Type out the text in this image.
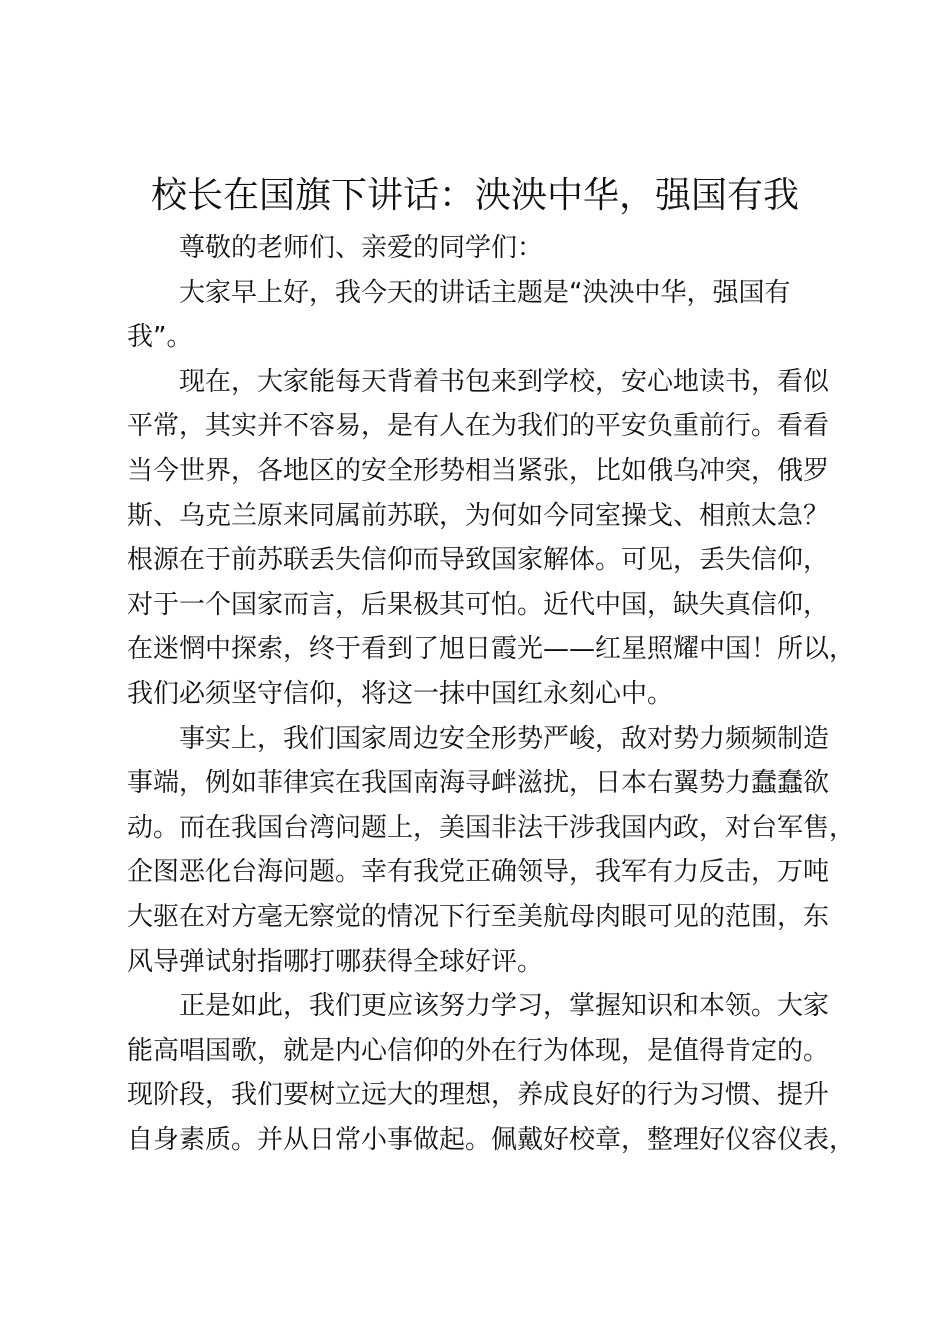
校长在国旗下讲话：泱泱中华，强国有我
尊敬的老师们、亲爱的同学们：
大家早上好，我今天的讲话主题是“泱泱中华，强国有
我”。
现在，大家能每天背着书包来到学校，安心地读书，看似
平常，其实并不容易，是有人在为我们的平安负重前行。看看
当今世界，各地区的安全形势相当紧张，比如俄乌冲突，俄罗
斯、乌克兰原来同属前苏联，为何如今同室操戈、相煎太急？
根源在于前苏联丢失信仰而导致国家解体。可见，丢失信仰，
对于一个国家而言，后果极其可怕。近代中国，缺失真信仰，
在迷惘中探索，终于看到了旭日霞光——红星照耀中国！所以，
我们必须坚守信仰，将这一抹中国红永刻心中。
事实上，我们国家周边安全形势严峻，敌对势力频频制造
事端，例如菲律宾在我国南海寻衅滋扰，日本右翼势力蠢蠢欲
动。而在我国台湾问题上，美国非法干涉我国内政，对台军售，
企图恶化台海问题。幸有我党正确领导，我军有力反击，万吨
大驱在对方毫无察觉的情况下行至美航母肉眼可见的范围，东
风导弹试射指哪打哪获得全球好评。
正是如此，我们更应该努力学习，掌握知识和本领。大家
能高唱国歌，就是内心信仰的外在行为体现，是值得肯定的。
现阶段，我们要树立远大的理想，养成良好的行为习惯、提升
自身素质。并从日常小事做起。佩戴好校章，整理好仪容仪表，
